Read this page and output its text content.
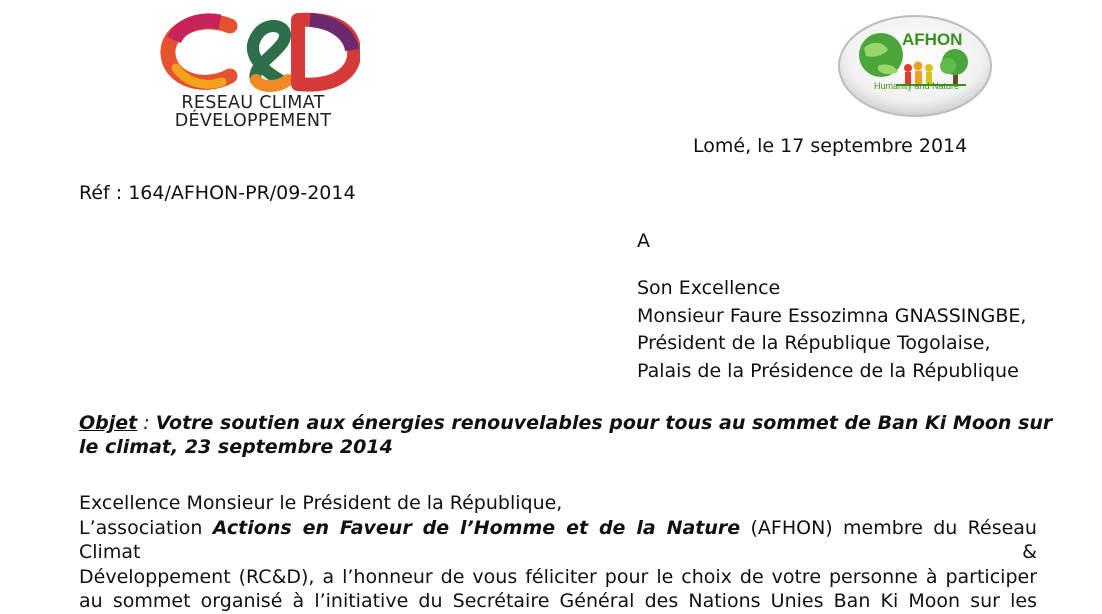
RESEAU CLIMAT
DÉVELOPPEMENT
AFHON
Humanity and Nature
Lomé, le 17 septembre 2014
Réf : 164/AFHON-PR/09-2014
A
Son Excellence
Monsieur Faure Essozimna GNASSINGBE,
Président de la République Togolaise,
Palais de la Présidence de la République
Objet : Votre soutien aux énergies renouvelables pour tous au sommet de Ban Ki Moon sur
le climat, 23 septembre 2014
Excellence Monsieur le Président de la République,
L’association Actions en Faveur de l’Homme et de la Nature (AFHON) membre du Réseau Climat &
Développement (RC&D), a l’honneur de vous féliciter pour le choix de votre personne à participer
au sommet organisé à l’initiative du Secrétaire Général des Nations Unies Ban Ki Moon sur les
